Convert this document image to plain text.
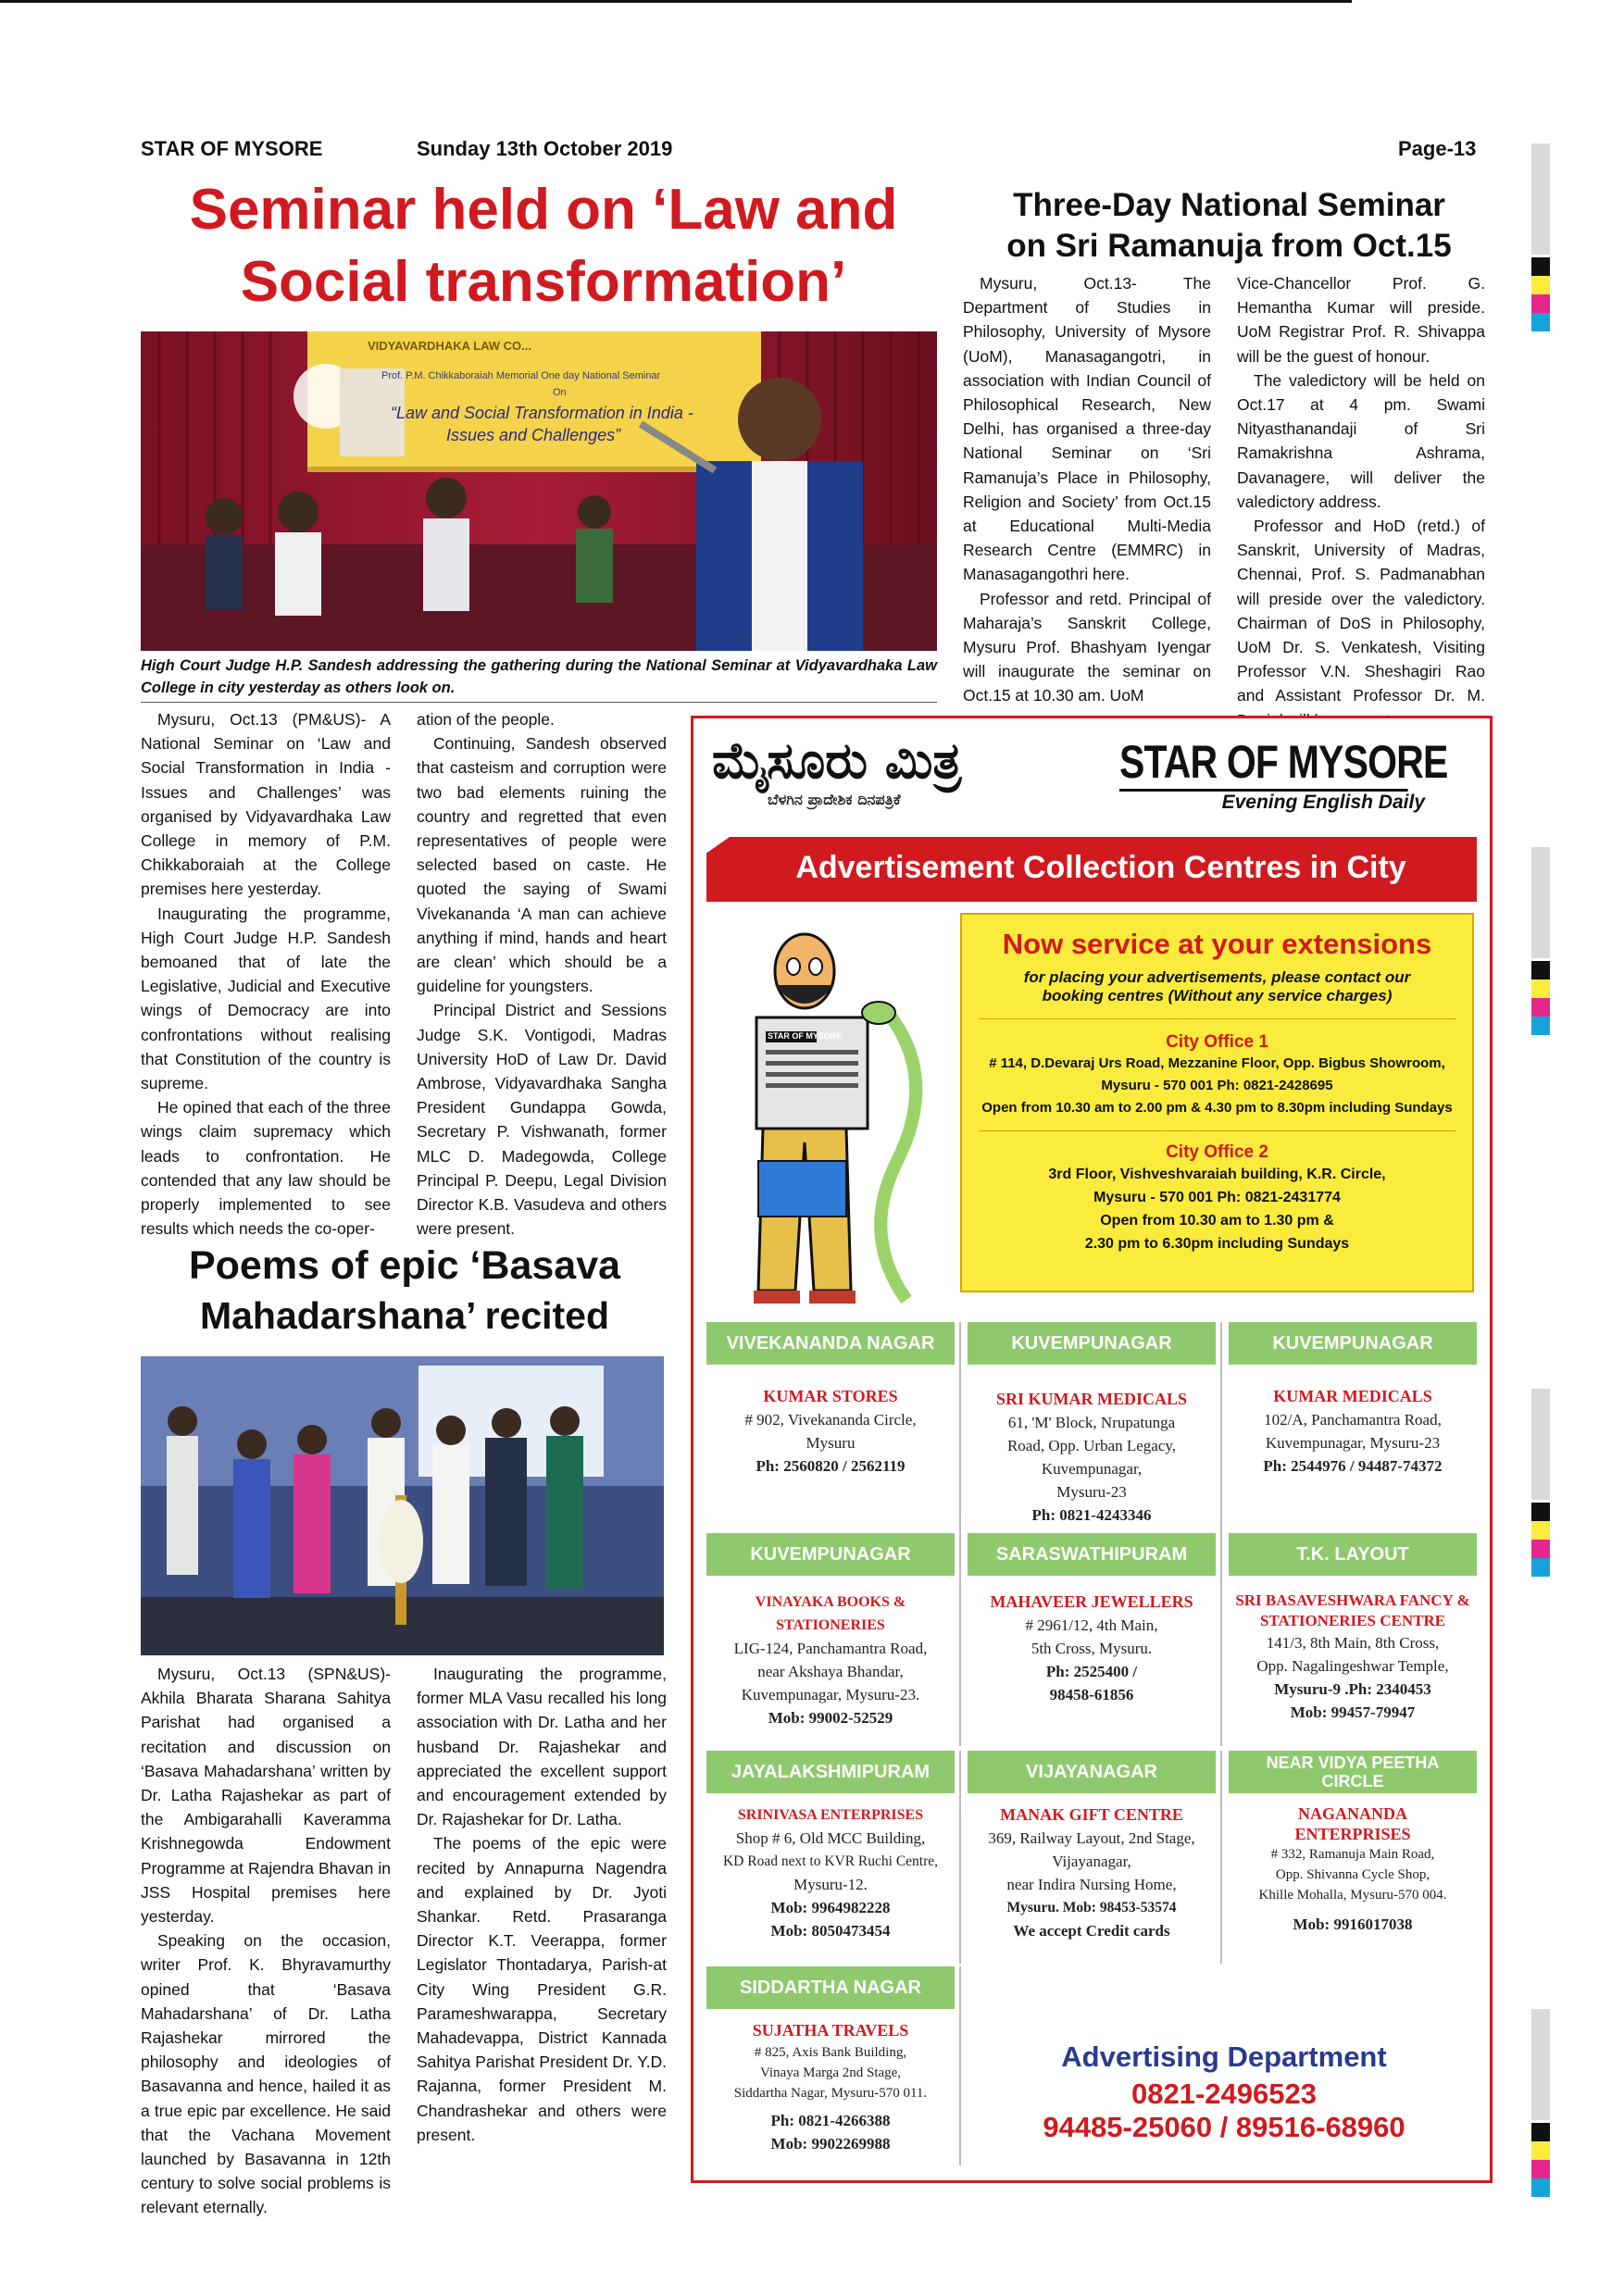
STAR OF MYSORE	Sunday 13th October 2019	Page-13
Seminar held on ‘Law and
Social transformation’
VIDYAVARDHAKA LAW CO...
Prof. P.M. Chikkaboraiah Memorial One day National Seminar
On
“Law and Social Transformation in India -
Issues and Challenges”
High Court Judge H.P. Sandesh addressing the gathering during the National Seminar at Vidyavardhaka Law College in city yesterday as others look on.

Mysuru, Oct.13 (PM&US)- A National Seminar on ‘Law and Social Transformation in India - Issues and Challenges’ was organised by Vidyavardhaka Law College in memory of P.M. Chikkaboraiah at the College premises here yesterday.

Inaugurating the programme, High Court Judge H.P. Sandesh bemoaned that of late the Legislative, Judicial and Executive wings of Democracy are into confrontations without realising that Constitution of the country is supreme.

He opined that each of the three wings claim supremacy which leads to confrontation. He contended that any law should be properly implemented to see results which needs the co-oper-

ation of the people.

Continuing, Sandesh observed that casteism and corruption were two bad elements ruining the country and regretted that even representatives of people were selected based on caste. He quoted the saying of Swami Vivekananda ‘A man can achieve anything if mind, hands and heart are clean’ which should be a guideline for youngsters.

Principal District and Sessions Judge S.K. Vontigodi, Madras University HoD of Law Dr. David Ambrose, Vidyavardhaka Sangha President Gundappa Gowda, Secretary P. Vishwanath, former MLC D. Madegowda, College Principal P. Deepu, Legal Division Director K.B. Vasudeva and others were present.

Three-Day National Seminar
on Sri Ramanuja from Oct.15

Mysuru, Oct.13- The Department of Studies in Philosophy, University of Mysore (UoM), Manasagangotri, in association with Indian Council of Philosophical Research, New Delhi, has organised a three-day National Seminar on ‘Sri Ramanuja’s Place in Philosophy, Religion and Society’ from Oct.15 at Educational Multi-Media Research Centre (EMMRC) in Manasagangothri here.

Professor and retd. Principal of Maharaja’s Sanskrit College, Mysuru Prof. Bhashyam Iyengar will inaugurate the seminar on Oct.15 at 10.30 am. UoM

Vice-Chancellor Prof. G. Hemantha Kumar will preside. UoM Registrar Prof. R. Shivappa will be the guest of honour.

The valedictory will be held on Oct.17 at 4 pm. Swami Nityasthanandaji of Sri Ramakrishna Ashrama, Davanagere, will deliver the valedictory address.

Professor and HoD (retd.) of Sanskrit, University of Madras, Chennai, Prof. S. Padmanabhan will preside over the valedictory. Chairman of DoS in Philosophy, UoM Dr. S. Venkatesh, Visiting Professor V.N. Sheshagiri Rao and Assistant Professor Dr. M.

Poems of epic ‘Basava
Mahadarshana’ recited

Mysuru, Oct.13 (SPN&US)- Akhila Bharata Sharana Sahitya Parishat had organised a recitation and discussion on ‘Basava Mahadarshana’ written by Dr. Latha Rajashekar as part of the Ambigarahalli Kaveramma Krishnegowda Endowment Programme at Rajendra Bhavan in JSS Hospital premises here yesterday.

Speaking on the occasion, writer Prof. K. Bhyravamurthy opined that ‘Basava Mahadarshana’ of Dr. Latha Rajashekar mirrored the philosophy and ideologies of Basavanna and hence, hailed it as a true epic par excellence. He said that the Vachana Movement launched by Basavanna in 12th century to solve social problems is relevant eternally.

Inaugurating the programme, former MLA Vasu recalled his long association with Dr. Latha and her husband Dr. Rajashekar and appreciated the excellent support and encouragement extended by Dr. Rajashekar for Dr. Latha.

The poems of the epic were recited by Annapurna Nagendra and explained by Dr. Jyoti Shankar. Retd. Prasaranga Director K.T. Veerappa, former Legislator Thontadarya, Parish-at City Wing President G.R. Parameshwarappa, Secretary Mahadevappa, District Kannada Sahitya Parishat President Dr. Y.D. Rajanna, former President M. Chandrashekar and others were present.

ಮೈಸೂರು ಮಿತ್ರ
ಬೆಳಗಿನ ಪ್ರಾದೇಶಿಕ ದಿನಪತ್ರಿಕೆ
STAR OF MYSORE
Evening English Daily
Advertisement Collection Centres in City
STAR OF MYSORE
Now service at your extensions
for placing your advertisements, please contact our
booking centres (Without any service charges)
City Office 1
# 114, D.Devaraj Urs Road, Mezzanine Floor, Opp. Bigbus Showroom,
Mysuru - 570 001 Ph: 0821-2428695
Open from 10.30 am to 2.00 pm & 4.30 pm to 8.30pm including Sundays
City Office 2
3rd Floor, Vishveshvaraiah building, K.R. Circle,
Mysuru - 570 001 Ph: 0821-2431774
Open from 10.30 am to 1.30 pm &
2.30 pm to 6.30pm including Sundays
VIVEKANANDA NAGAR	KUVEMPUNAGAR	KUVEMPUNAGAR
KUMAR STORES
# 902, Vivekananda Circle,
Mysuru
Ph: 2560820 / 2562119
SRI KUMAR MEDICALS
61, 'M' Block, Nrupatunga
Road, Opp. Urban Legacy,
Kuvempunagar,
Mysuru-23
Ph: 0821-4243346
KUMAR MEDICALS
102/A, Panchamantra Road,
Kuvempunagar, Mysuru-23
Ph: 2544976 / 94487-74372
KUVEMPUNAGAR	SARASWATHIPURAM	T.K. LAYOUT
VINAYAKA BOOKS & STATIONERIES
LIG-124, Panchamantra Road,
near Akshaya Bhandar,
Kuvempunagar, Mysuru-23.
Mob: 99002-52529
MAHAVEER JEWELLERS
# 2961/12, 4th Main,
5th Cross, Mysuru.
Ph: 2525400 /
98458-61856
SRI BASAVESHWARA FANCY &
STATIONERIES CENTRE
141/3, 8th Main, 8th Cross,
Opp. Nagalingeshwar Temple,
Mysuru-9 .Ph: 2340453
Mob: 99457-79947
JAYALAKSHMIPURAM	VIJAYANAGAR	NEAR VIDYA PEETHA
CIRCLE
SRINIVASA ENTERPRISES
Shop # 6, Old MCC Building,
KD Road next to KVR Ruchi Centre,
Mysuru-12.
Mob: 9964982228
Mob: 8050473454
MANAK GIFT CENTRE
369, Railway Layout, 2nd Stage,
Vijayanagar,
near Indira Nursing Home,
Mysuru. Mob: 98453-53574
We accept Credit cards
NAGANANDA
ENTERPRISES
# 332, Ramanuja Main Road,
Opp. Shivanna Cycle Shop,
Khille Mohalla, Mysuru-570 004.
Mob: 9916017038
SIDDARTHA NAGAR
SUJATHA TRAVELS
# 825, Axis Bank Building,
Vinaya Marga 2nd Stage,
Siddartha Nagar, Mysuru-570 011.
Ph: 0821-4266388
Mob: 9902269988
Advertising Department
0821-2496523
94485-25060 / 89516-68960
